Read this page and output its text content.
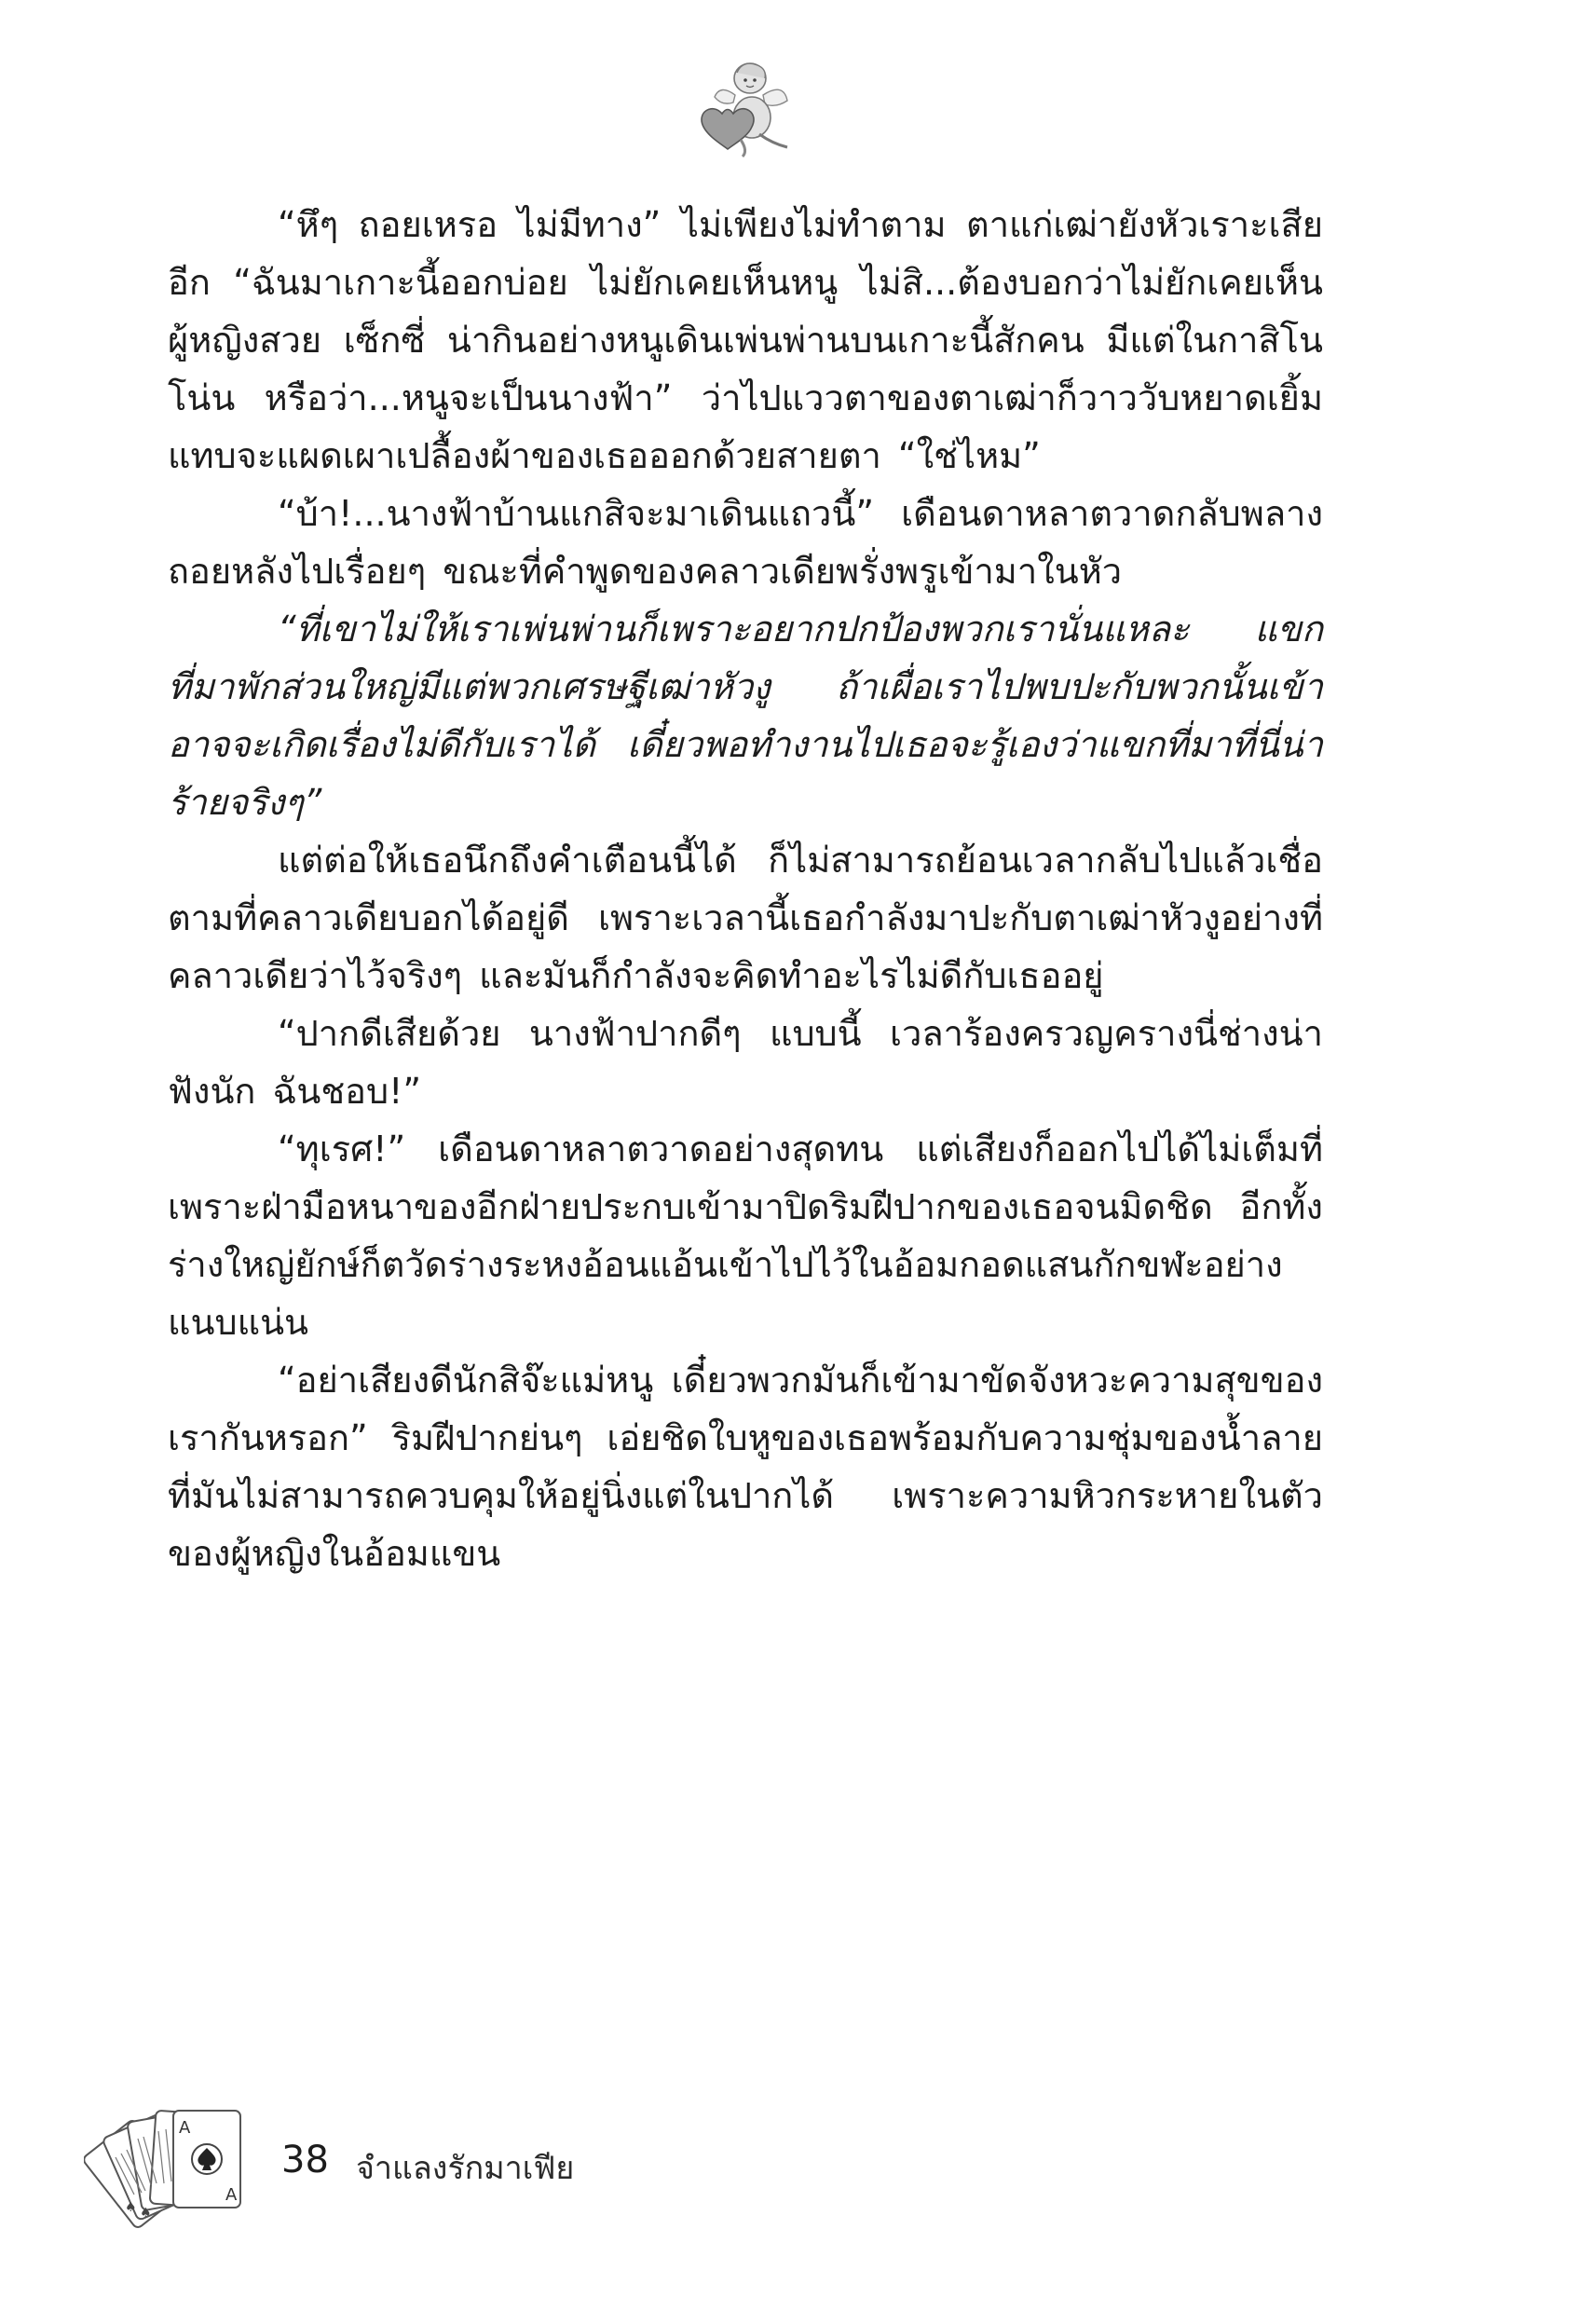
“หึๆ ถอยเหรอ ไม่มีทาง” ไม่เพียงไม่ทำตาม ตาแก่เฒ่ายังหัวเราะเสียอีก “ฉันมาเกาะนี้ออกบ่อย ไม่ยักเคยเห็นหนู ไม่สิ...ต้องบอกว่าไม่ยักเคยเห็นผู้หญิงสวย เซ็กซี่ น่ากินอย่างหนูเดินเพ่นพ่านบนเกาะนี้สักคน มีแต่ในกาสิโนโน่น หรือว่า...หนูจะเป็นนางฟ้า” ว่าไปแววตาของตาเฒ่าก็วาววับหยาดเยิ้มแทบจะแผดเผาเปลื้องผ้าของเธอออกด้วยสายตา “ใช่ไหม”

“บ้า!...นางฟ้าบ้านแกสิจะมาเดินแถวนี้” เดือนดาหลาตวาดกลับพลางถอยหลังไปเรื่อยๆ ขณะที่คำพูดของคลาวเดียพรั่งพรูเข้ามาในหัว

“ที่เขาไม่ให้เราเพ่นพ่านก็เพราะอยากปกป้องพวกเรานั่นแหละ แขกที่มาพักส่วนใหญ่มีแต่พวกเศรษฐีเฒ่าหัวงู ถ้าเผื่อเราไปพบปะกับพวกนั้นเข้า อาจจะเกิดเรื่องไม่ดีกับเราได้ เดี๋ยวพอทำงานไปเธอจะรู้เองว่าแขกที่มาที่นี่น่าร้ายจริงๆ”

แต่ต่อให้เธอนึกถึงคำเตือนนี้ได้ ก็ไม่สามารถย้อนเวลากลับไปแล้วเชื่อตามที่คลาวเดียบอกได้อยู่ดี เพราะเวลานี้เธอกำลังมาปะกับตาเฒ่าหัวงูอย่างที่คลาวเดียว่าไว้จริงๆ และมันก็กำลังจะคิดทำอะไรไม่ดีกับเธออยู่

“ปากดีเสียด้วย นางฟ้าปากดีๆ แบบนี้ เวลาร้องครวญครางนี่ช่างน่าฟังนัก ฉันชอบ!”

“ทุเรศ!” เดือนดาหลาตวาดอย่างสุดทน แต่เสียงก็ออกไปได้ไม่เต็มที่ เพราะฝ่ามือหนาของอีกฝ่ายประกบเข้ามาปิดริมฝีปากของเธอจนมิดชิด อีกทั้งร่างใหญ่ยักษ์ก็ตวัดร่างระหงอ้อนแอ้นเข้าไปไว้ในอ้อมกอดแสนกักขฬะอย่างแนบแน่น

“อย่าเสียงดีนักสิจ๊ะแม่หนู เดี๋ยวพวกมันก็เข้ามาขัดจังหวะความสุขของเรากันหรอก” ริมฝีปากย่นๆ เอ่ยชิดใบหูของเธอพร้อมกับความชุ่มของน้ำลายที่มันไม่สามารถควบคุมให้อยู่นิ่งแต่ในปากได้ เพราะความหิวกระหายในตัวของผู้หญิงในอ้อมแขน

A
A
♠ ♠
38 จำแลงรักมาเฟีย
